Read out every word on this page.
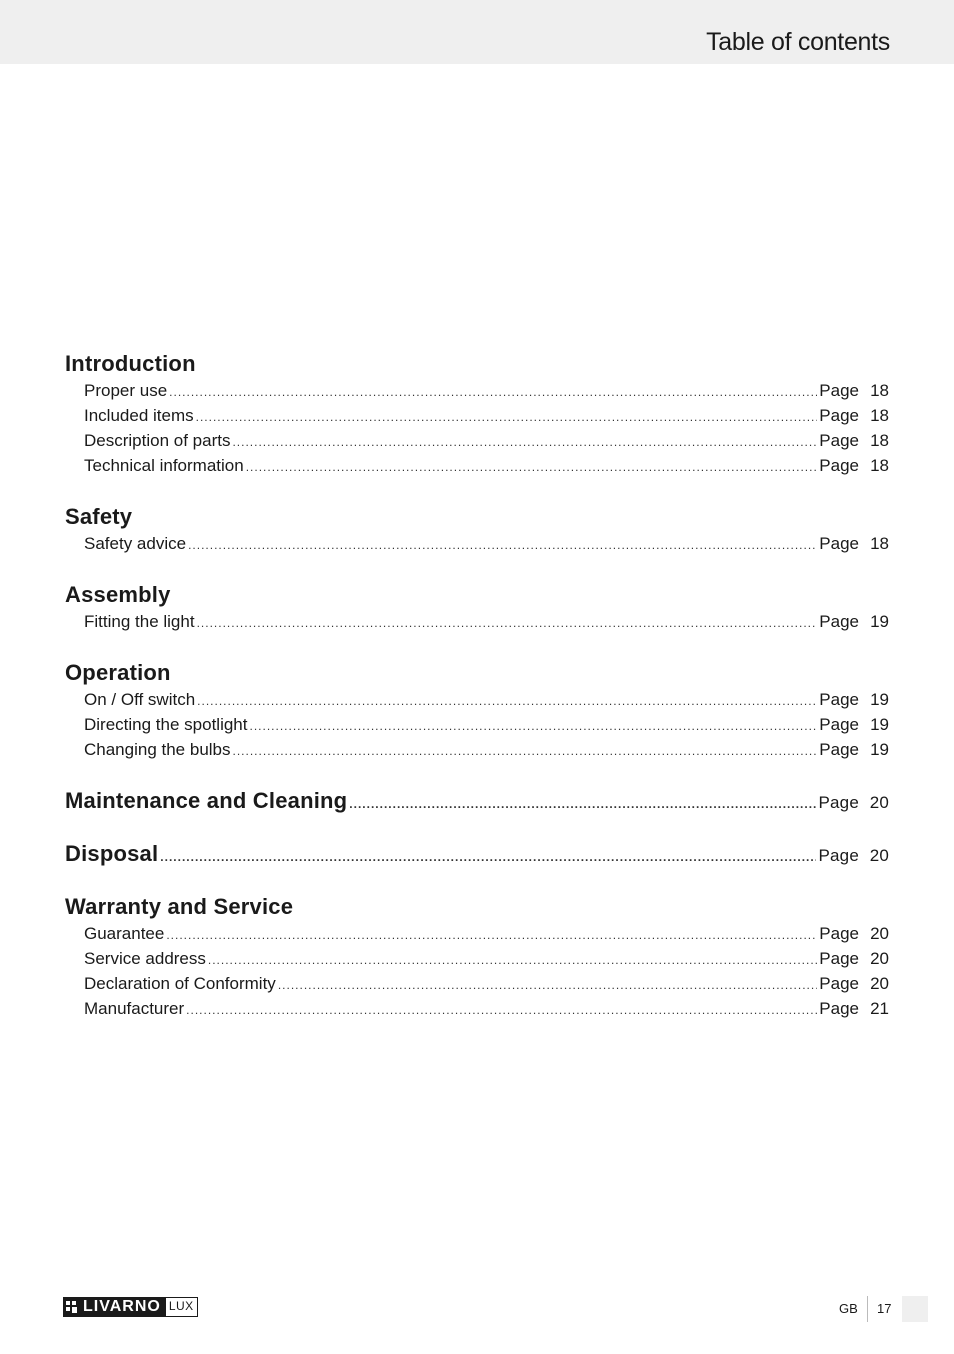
Table of contents
Introduction
Proper use .....	Page 18
Included items .....	Page 18
Description of parts .....	Page 18
Technical information .....	Page 18
Safety
Safety advice .....	Page 18
Assembly
Fitting the light .....	Page 19
Operation
On / Off switch .....	Page 19
Directing the spotlight .....	Page 19
Changing the bulbs .....	Page 19
Maintenance and Cleaning .....	Page 20
Disposal .....	Page 20
Warranty and Service
Guarantee .....	Page 20
Service address .....	Page 20
Declaration of Conformity .....	Page 20
Manufacturer .....	Page 21
LIVARNO LUX	GB 17
